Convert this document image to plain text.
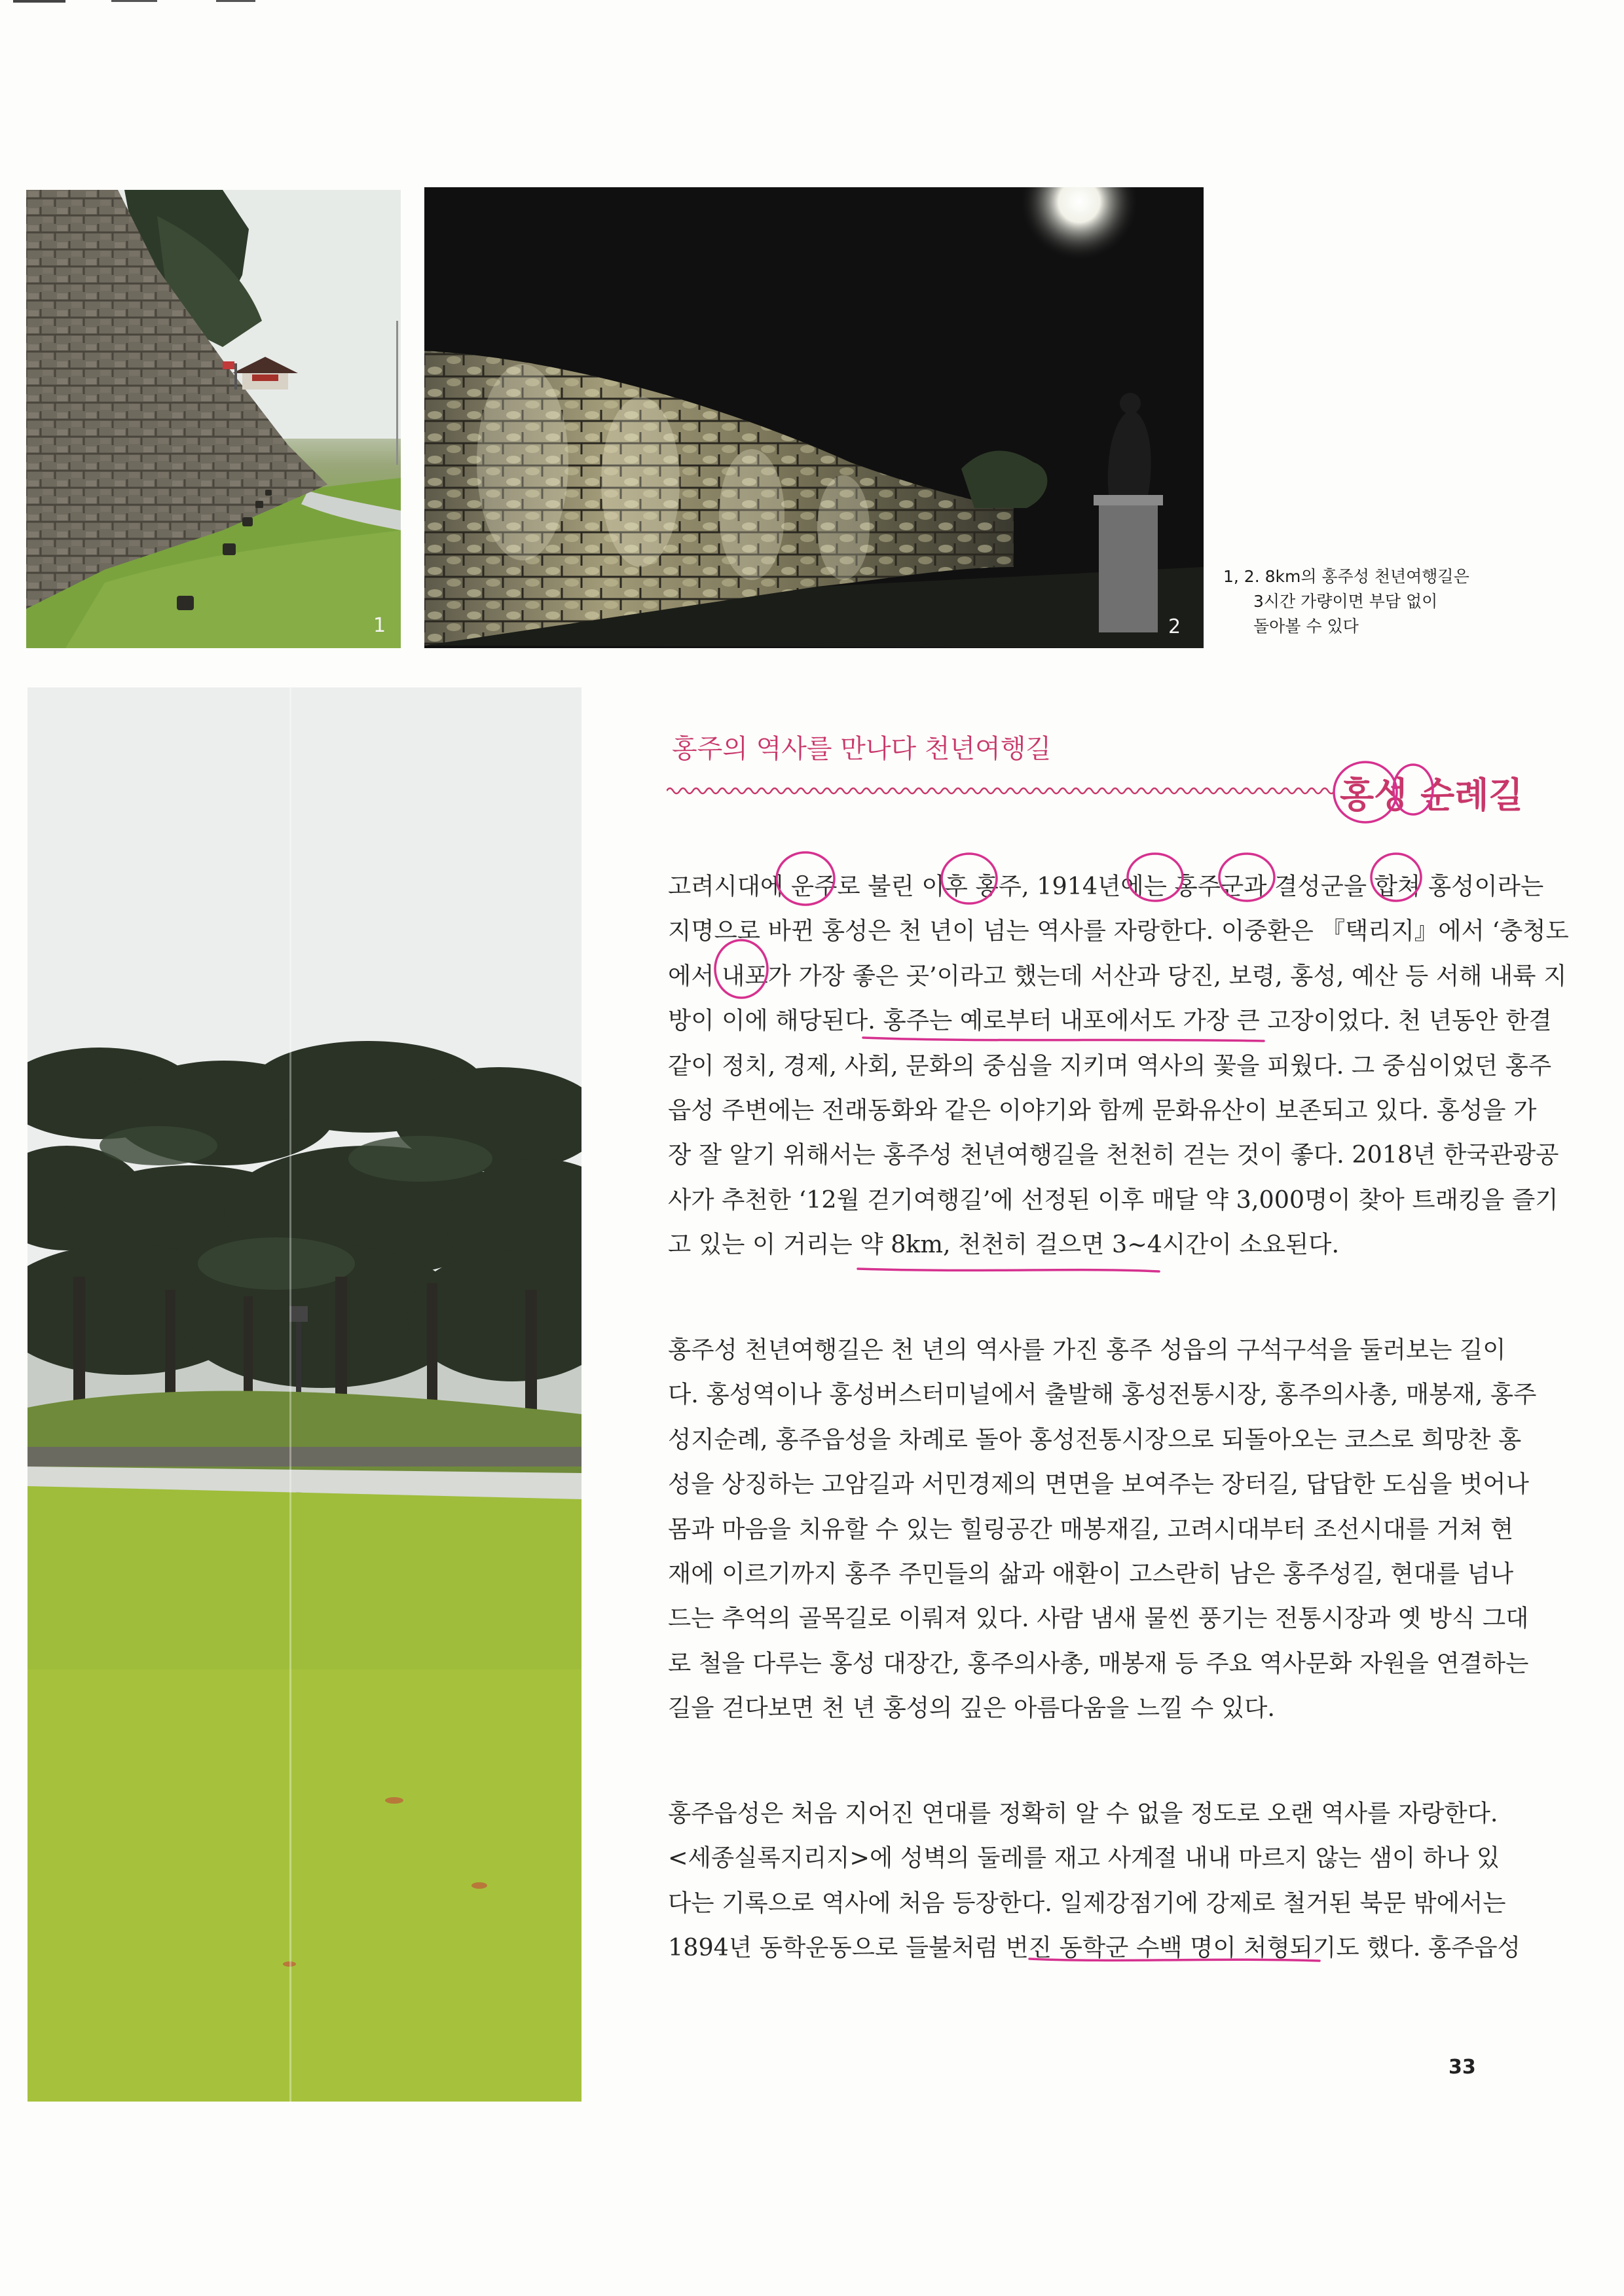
1	2
1, 2. 8km의 홍주성 천년여행길은
3시간 가량이면 부담 없이
돌아볼 수 있다
홍주의 역사를 만나다 천년여행길
홍성 순례길
고려시대에 운주로 불린 이후 홍주, 1914년에는 홍주군과 결성군을 합쳐 홍성이라는
지명으로 바뀐 홍성은 천 년이 넘는 역사를 자랑한다. 이중환은 『택리지』에서 ‘충청도
에서 내포가 가장 좋은 곳’이라고 했는데 서산과 당진, 보령, 홍성, 예산 등 서해 내륙 지
방이 이에 해당된다. 홍주는 예로부터 내포에서도 가장 큰 고장이었다. 천 년동안 한결
같이 정치, 경제, 사회, 문화의 중심을 지키며 역사의 꽃을 피웠다. 그 중심이었던 홍주
읍성 주변에는 전래동화와 같은 이야기와 함께 문화유산이 보존되고 있다. 홍성을 가
장 잘 알기 위해서는 홍주성 천년여행길을 천천히 걷는 것이 좋다. 2018년 한국관광공
사가 추천한 ‘12월 걷기여행길’에 선정된 이후 매달 약 3,000명이 찾아 트래킹을 즐기
고 있는 이 거리는 약 8km, 천천히 걸으면 3~4시간이 소요된다.
홍주성 천년여행길은 천 년의 역사를 가진 홍주 성읍의 구석구석을 둘러보는 길이
다. 홍성역이나 홍성버스터미널에서 출발해 홍성전통시장, 홍주의사총, 매봉재, 홍주
성지순례, 홍주읍성을 차례로 돌아 홍성전통시장으로 되돌아오는 코스로 희망찬 홍
성을 상징하는 고암길과 서민경제의 면면을 보여주는 장터길, 답답한 도심을 벗어나
몸과 마음을 치유할 수 있는 힐링공간 매봉재길, 고려시대부터 조선시대를 거쳐 현
재에 이르기까지 홍주 주민들의 삶과 애환이 고스란히 남은 홍주성길, 현대를 넘나
드는 추억의 골목길로 이뤄져 있다. 사람 냄새 물씬 풍기는 전통시장과 옛 방식 그대
로 철을 다루는 홍성 대장간, 홍주의사총, 매봉재 등 주요 역사문화 자원을 연결하는
길을 걷다보면 천 년 홍성의 깊은 아름다움을 느낄 수 있다.
홍주읍성은 처음 지어진 연대를 정확히 알 수 없을 정도로 오랜 역사를 자랑한다.
<세종실록지리지>에 성벽의 둘레를 재고 사계절 내내 마르지 않는 샘이 하나 있
다는 기록으로 역사에 처음 등장한다. 일제강점기에 강제로 철거된 북문 밖에서는
1894년 동학운동으로 들불처럼 번진 동학군 수백 명이 처형되기도 했다. 홍주읍성
33
